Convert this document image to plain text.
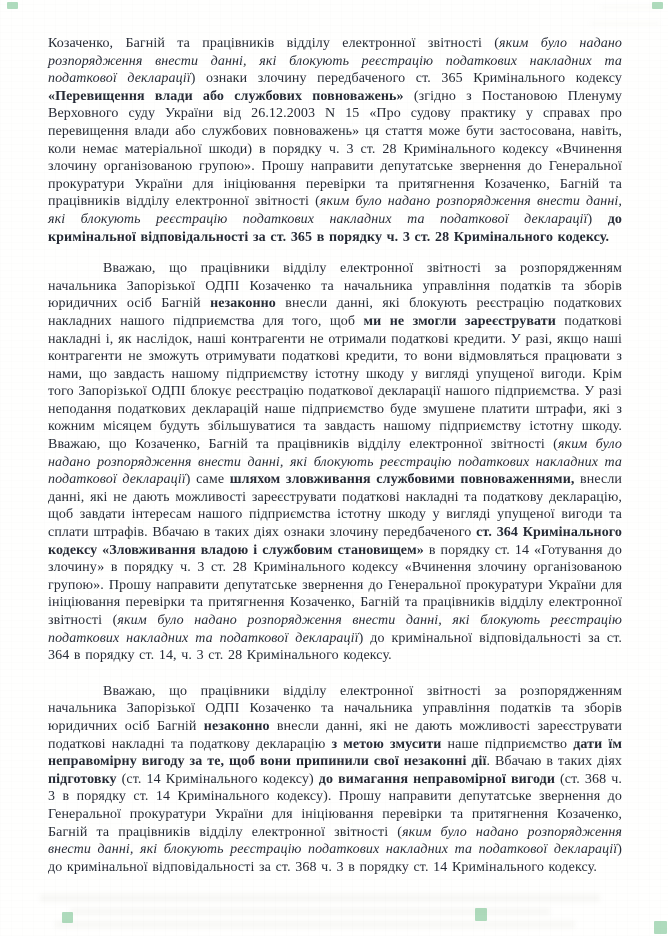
Козаченко, Багній та працівників відділу електронної звітності (яким було надано розпорядження внести данні, які блокують реєстрацію податкових накладних та податкової декларації) ознаки злочину передбаченого ст. 365 Кримінального кодексу «Перевищення влади або службових повноважень» (згідно з Постановою Пленуму Верховного суду України від 26.12.2003 N 15 «Про судову практику у справах про перевищення влади або службових повноважень» ця стаття може бути застосована, навіть, коли немає матеріальної шкоди) в порядку ч. 3 ст. 28 Кримінального кодексу «Вчинення злочину організованою групою». Прошу направити депутатське звернення до Генеральної прокуратури України для ініціювання перевірки та притягнення Козаченко, Багній та працівників відділу електронної звітності (яким було надано розпорядження внести данні, які блокують реєстрацію податкових накладних та податкової декларації) до кримінальної відповідальності за ст. 365 в порядку ч. 3 ст. 28 Кримінального кодексу.

Вважаю, що працівники відділу електронної звітності за розпорядженням начальника Запорізької ОДПІ Козаченко та начальника управління податків та зборів юридичних осіб Багній незаконно внесли данні, які блокують реєстрацію податкових накладних нашого підприємства для того, щоб ми не змогли зареєструвати податкові накладні і, як наслідок, наші контрагенти не отримали податкові кредити. У разі, якщо наші контрагенти не зможуть отримувати податкові кредити, то вони відмовляться працювати з нами, що завдасть нашому підприємству істотну шкоду у вигляді упущеної вигоди. Крім того Запорізької ОДПІ блокує реєстрацію податкової декларації нашого підприємства. У разі неподання податкових декларацій наше підприємство буде змушене платити штрафи, які з кожним місяцем будуть збільшуватися та завдасть нашому підприємству істотну шкоду. Вважаю, що Козаченко, Багній та працівників відділу електронної звітності (яким було надано розпорядження внести данні, які блокують реєстрацію податкових накладних та податкової декларації) саме шляхом зловживання службовими повноваженнями, внесли данні, які не дають можливості зареєструвати податкові накладні та податкову декларацію, щоб завдати інтересам нашого підприємства істотну шкоду у вигляді упущеної вигоди та сплати штрафів. Вбачаю в таких діях ознаки злочину передбаченого ст. 364 Кримінального кодексу «Зловживання владою і службовим становищем» в порядку ст. 14 «Готування до злочину» в порядку ч. 3 ст. 28 Кримінального кодексу «Вчинення злочину організованою групою». Прошу направити депутатське звернення до Генеральної прокуратури України для ініціювання перевірки та притягнення Козаченко, Багній та працівників відділу електронної звітності (яким було надано розпорядження внести данні, які блокують реєстрацію податкових накладних та податкової декларації) до кримінальної відповідальності за ст. 364 в порядку ст. 14, ч. 3 ст. 28 Кримінального кодексу.

Вважаю, що працівники відділу електронної звітності за розпорядженням начальника Запорізької ОДПІ Козаченко та начальника управління податків та зборів юридичних осіб Багній незаконно внесли данні, які не дають можливості зареєструвати податкові накладні та податкову декларацію з метою змусити наше підприємство дати їм неправомірну вигоду за те, щоб вони припинили свої незаконні дії. Вбачаю в таких діях підготовку (ст. 14 Кримінального кодексу) до вимагання неправомірної вигоди (ст. 368 ч. 3 в порядку ст. 14 Кримінального кодексу). Прошу направити депутатське звернення до Генеральної прокуратури України для ініціювання перевірки та притягнення Козаченко, Багній та працівників відділу електронної звітності (яким було надано розпорядження внести данні, які блокують реєстрацію податкових накладних та податкової декларації) до кримінальної відповідальності за ст. 368 ч. 3 в порядку ст. 14 Кримінального кодексу.
